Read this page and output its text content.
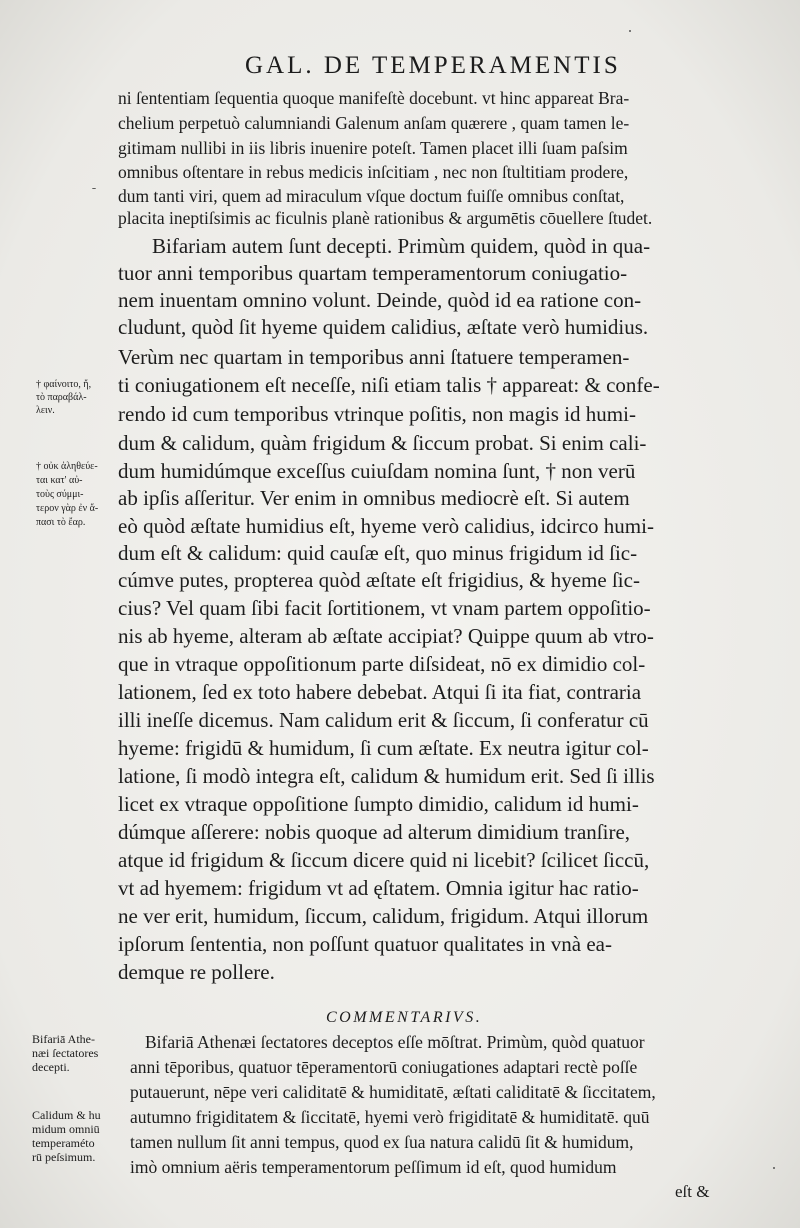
GAL. DE TEMPERAMENTIS
ni ſententiam ſequentia quoque manifeſtè docebunt. vt hinc appareat Bra-
chelium perpetuò calumniandi Galenum anſam quærere , quam tamen le-
gitimam nullibi in iis libris inuenire poteſt. Tamen placet illi ſuam paſsim
omnibus oſtentare in rebus medicis inſcitiam , nec non ſtultitiam prodere,
dum tanti viri, quem ad miraculum vſque doctum fuiſſe omnibus conſtat,
placita ineptiſsimis ac ficulnis planè rationibus & argumētis cōuellere ſtudet.
Bifariam autem ſunt decepti. Primùm quidem, quòd in qua-
tuor anni temporibus quartam temperamentorum coniugatio-
nem inuentam omnino volunt. Deinde, quòd id ea ratione con-
cludunt, quòd ſit hyeme quidem calidius, æſtate verò humidius.
Verùm nec quartam in temporibus anni ſtatuere temperamen-
ti coniugationem eſt neceſſe, niſi etiam talis † appareat: & confe-
rendo id cum temporibus vtrinque poſitis, non magis id humi-
dum & calidum, quàm frigidum & ſiccum probat. Si enim cali-
dum humidúmque exceſſus cuiuſdam nomina ſunt, † non verū
ab ipſis aſſeritur. Ver enim in omnibus mediocrè eſt. Si autem
eò quòd æſtate humidius eſt, hyeme verò calidius, idcirco humi-
dum eſt & calidum: quid cauſæ eſt, quo minus frigidum id ſic-
cúmve putes, propterea quòd æſtate eſt frigidius, & hyeme ſic-
cius? Vel quam ſibi facit ſortitionem, vt vnam partem oppoſitio-
nis ab hyeme, alteram ab æſtate accipiat? Quippe quum ab vtro-
que in vtraque oppoſitionum parte diſsideat, nō ex dimidio col-
lationem, ſed ex toto habere debebat. Atqui ſi ita fiat, contraria
illi ineſſe dicemus. Nam calidum erit & ſiccum, ſi conferatur cū
hyeme: frigidū & humidum, ſi cum æſtate. Ex neutra igitur col-
latione, ſi modò integra eſt, calidum & humidum erit. Sed ſi illis
licet ex vtraque oppoſitione ſumpto dimidio, calidum id humi-
dúmque aſſerere: nobis quoque ad alterum dimidium tranſire,
atque id frigidum & ſiccum dicere quid ni licebit? ſcilicet ſiccū,
vt ad hyemem: frigidum vt ad ęſtatem. Omnia igitur hac ratio-
ne ver erit, humidum, ſiccum, calidum, frigidum. Atqui illorum
ipſorum ſententia, non poſſunt quatuor qualitates in vnà ea-
demque re pollere.
† φαίνοιτο, ἤ,
τὸ παραβάλ-
λειν.
† οὐκ ἀληθεύε-
ται κατ' αὐ-
τοὺς σύμμι-
τερον γὰρ ἐν ἅ-
πασι τὸ ἔαρ.
COMMENTARIVS.
Bifariā Athenæi ſectatores deceptos eſſe mōſtrat. Primùm, quòd quatuor
anni tēporibus, quatuor tēperamentorū coniugationes adaptari rectè poſſe
putauerunt, nēpe veri caliditatē & humiditatē, æſtati caliditatē & ſiccitatem,
autumno frigiditatem & ſiccitatē, hyemi verò frigiditatē & humiditatē. quū
tamen nullum ſit anni tempus, quod ex ſua natura calidū ſit & humidum,
imò omnium aëris temperamentorum peſſimum id eſt, quod humidum
Bifariā Athe-
næi ſectatores
decepti.
Calidum & hu
midum omniū
temperaméto
rū peſsimum.
eſt &
